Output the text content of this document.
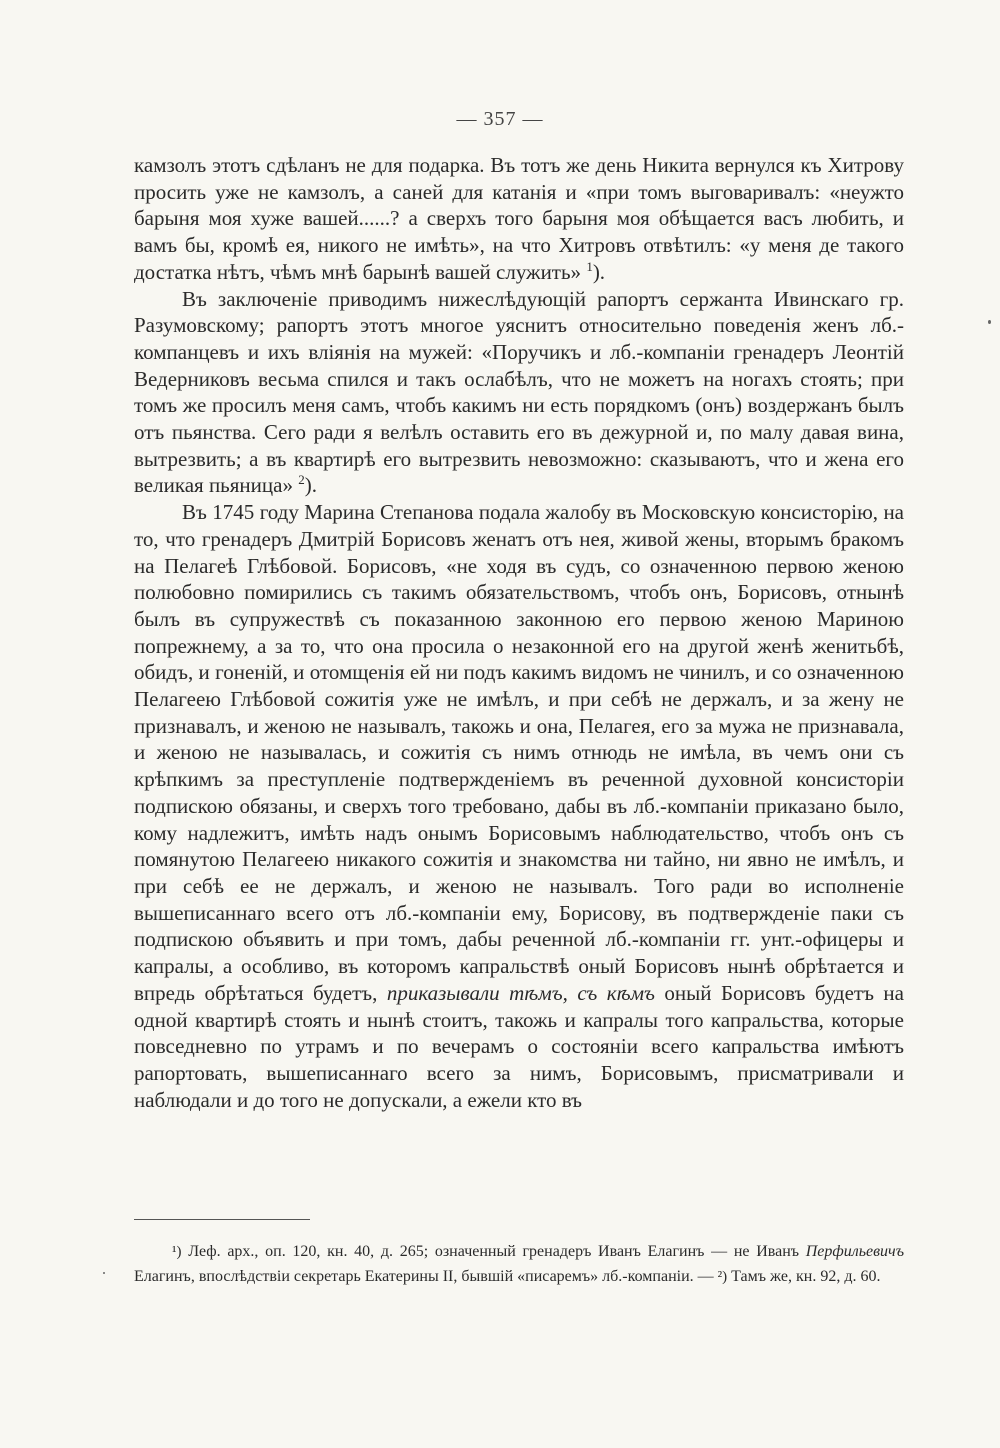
— 357 —

камзолъ этотъ сдѣланъ не для подарка. Въ тотъ же день Никита вернулся къ Хитрову просить уже не камзолъ, а саней для катанія и «при томъ выговаривалъ: «неужто барыня моя хуже вашей......? а сверхъ того барыня моя обѣщается васъ любить, и вамъ бы, кромѣ ея, никого не имѣть», на что Хитровъ отвѣтилъ: «у меня де такого достатка нѣтъ, чѣмъ мнѣ барынѣ вашей служить» $^1$).

Въ заключеніе приводимъ нижеслѣдующій рапортъ сержанта Ивинскаго гр. Разумовскому; рапортъ этотъ многое уяснитъ относительно поведенія женъ лб.-компанцевъ и ихъ вліянія на мужей: «Поручикъ и лб.-компаніи гренадеръ Леонтій Ведерниковъ весьма спился и такъ ослабѣлъ, что не можетъ на ногахъ стоять; при томъ же просилъ меня самъ, чтобъ какимъ ни есть порядкомъ (онъ) воздержанъ былъ отъ пьянства. Сего ради я велѣлъ оставить его въ дежурной и, по малу давая вина, вытрезвить; а въ квартирѣ его вытрезвить невозможно: сказываютъ, что и жена его великая пьяница» $^2$).

Въ 1745 году Марина Степанова подала жалобу въ Московскую консисторію, на то, что гренадеръ Дмитрій Борисовъ женатъ отъ нея, живой жены, вторымъ бракомъ на Пелагеѣ Глѣбовой. Борисовъ, «не ходя въ судъ, со означенною первою женою полюбовно помирились съ такимъ обязательствомъ, чтобъ онъ, Борисовъ, отнынѣ былъ въ супружествѣ съ показанною законною его первою женою Мариною попрежнему, а за то, что она просила о незаконной его на другой женѣ женитьбѣ, обидъ, и гоненій, и отомщенія ей ни подъ какимъ видомъ не чинилъ, и со означенною Пелагеею Глѣбовой сожитія уже не имѣлъ, и при себѣ не держалъ, и за жену не признавалъ, и женою не называлъ, такожь и она, Пелагея, его за мужа не признавала, и женою не называлась, и сожитія съ нимъ отнюдь не имѣла, въ чемъ они съ крѣпкимъ за преступленіе подтвержденіемъ въ реченной духовной консисторіи подпискою обязаны, и сверхъ того требовано, дабы въ лб.-компаніи приказано было, кому надлежитъ, имѣть надъ онымъ Борисовымъ наблюдательство, чтобъ онъ съ помянутою Пелагеею никакого сожитія и знакомства ни тайно, ни явно не имѣлъ, и при себѣ ее не держалъ, и женою не называлъ. Того ради во исполненіе вышеписаннаго всего отъ лб.-компаніи ему, Борисову, въ подтвержденіе паки съ подпискою объявить и при томъ, дабы реченной лб.-компаніи гг. унт.-офицеры и капралы, а особливо, въ которомъ капральствѣ оный Борисовъ нынѣ обрѣтается и впредь обрѣтаться будетъ, приказывали тѣмъ, съ кѣмъ оный Борисовъ будетъ на одной квартирѣ стоять и нынѣ стоитъ, такожь и капралы того капральства, которые повседневно по утрамъ и по вечерамъ о состояніи всего капральства имѣютъ рапортовать, вышеписаннаго всего за нимъ, Борисовымъ, присматривали и наблюдали и до того не допускали, а ежели кто въ

¹) Леф. арх., оп. 120, кн. 40, д. 265; означенный гренадеръ Иванъ Елагинъ — не Иванъ Перфильевичъ Елагинъ, впослѣдствіи секретарь Екатерины II, бывшій «писаремъ» лб.-компаніи. — ²) Тамъ же, кн. 92, д. 60.
